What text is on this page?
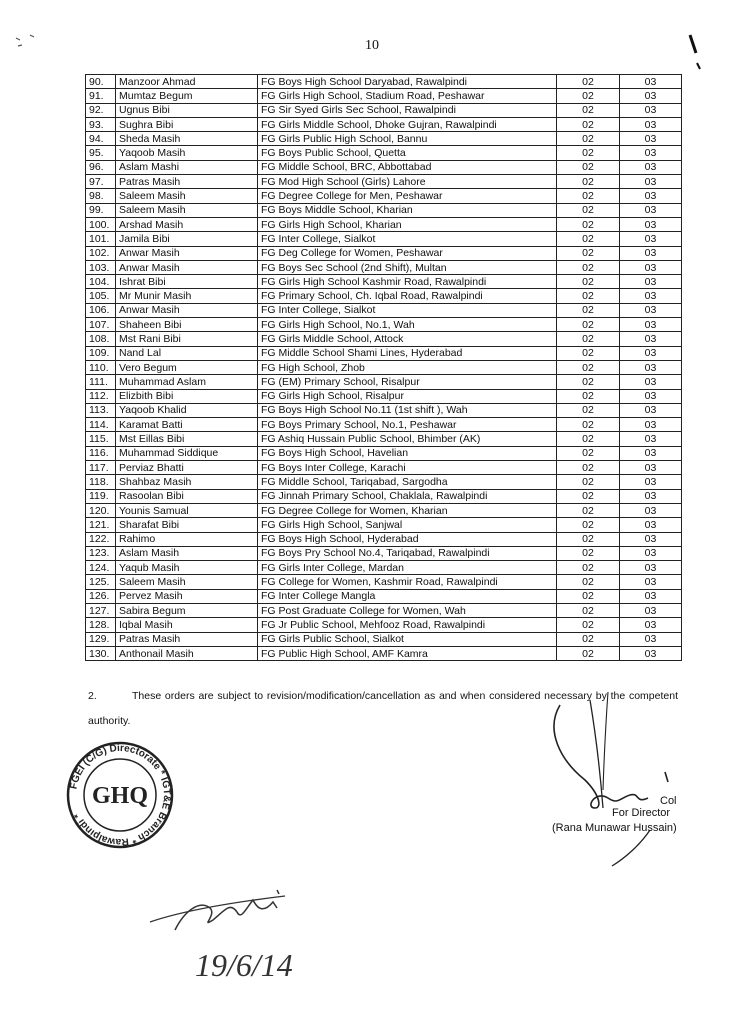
10
90.	Manzoor Ahmad	FG Boys High School Daryabad, Rawalpindi	02	03
91.	Mumtaz Begum	FG Girls High School, Stadium Road, Peshawar	02	03
92.	Ugnus Bibi	FG Sir Syed Girls Sec School, Rawalpindi	02	03
93.	Sughra Bibi	FG Girls Middle School, Dhoke Gujran, Rawalpindi	02	03
94.	Sheda Masih	FG Girls Public High School, Bannu	02	03
95.	Yaqoob Masih	FG Boys Public School, Quetta	02	03
96.	Aslam Mashi	FG Middle School, BRC, Abbottabad	02	03
97.	Patras Masih	FG Mod High School (Girls) Lahore	02	03
98.	Saleem Masih	FG Degree College for Men, Peshawar	02	03
99.	Saleem Masih	FG Boys Middle School, Kharian	02	03
100.	Arshad Masih	FG Girls High School, Kharian	02	03
101.	Jamila Bibi	FG Inter College, Sialkot	02	03
102.	Anwar Masih	FG Deg College for Women, Peshawar	02	03
103.	Anwar Masih	FG Boys Sec School (2nd Shift), Multan	02	03
104.	Ishrat Bibi	FG Girls High School Kashmir Road, Rawalpindi	02	03
105.	Mr Munir Masih	FG Primary School, Ch. Iqbal Road, Rawalpindi	02	03
106.	Anwar Masih	FG Inter College, Sialkot	02	03
107.	Shaheen Bibi	FG Girls High School, No.1, Wah	02	03
108.	Mst Rani Bibi	FG Girls Middle School, Attock	02	03
109.	Nand Lal	FG Middle School Shami Lines, Hyderabad	02	03
110.	Vero Begum	FG High School, Zhob	02	03
111.	Muhammad Aslam	FG (EM) Primary School, Risalpur	02	03
112.	Elizbith Bibi	FG Girls High School, Risalpur	02	03
113.	Yaqoob Khalid	FG Boys High School No.11 (1st shift ), Wah	02	03
114.	Karamat Batti	FG Boys Primary School, No.1, Peshawar	02	03
115.	Mst Eillas Bibi	FG Ashiq Hussain Public School, Bhimber (AK)	02	03
116.	Muhammad Siddique	FG Boys High School, Havelian	02	03
117.	Perviaz Bhatti	FG Boys Inter College, Karachi	02	03
118.	Shahbaz Masih	FG Middle School, Tariqabad, Sargodha	02	03
119.	Rasoolan Bibi	FG Jinnah Primary School, Chaklala, Rawalpindi	02	03
120.	Younis Samual	FG Degree College for Women, Kharian	02	03
121.	Sharafat Bibi	FG Girls High School, Sanjwal	02	03
122.	Rahimo	FG Boys High School, Hyderabad	02	03
123.	Aslam Masih	FG Boys Pry School No.4, Tariqabad, Rawalpindi	02	03
124.	Yaqub Masih	FG Girls Inter College, Mardan	02	03
125.	Saleem Masih	FG College for Women, Kashmir Road, Rawalpindi	02	03
126.	Pervez Masih	FG Inter College Mangla	02	03
127.	Sabira Begum	FG Post Graduate College for Women, Wah	02	03
128.	Iqbal Masih	FG Jr Public School, Mehfooz Road, Rawalpindi	02	03
129.	Patras Masih	FG Girls Public School, Sialkot	02	03
130.	Anthonail Masih	FG Public High School, AMF Kamra	02	03
2.	These orders are subject to revision/modification/cancellation as and when considered necessary by the competent authority.
FGEI (C/G) Directorate * IGT&E Branch * Rawalpindi *
GHQ	Col
For Director
(Rana Munawar Hussain)
19/6/14
